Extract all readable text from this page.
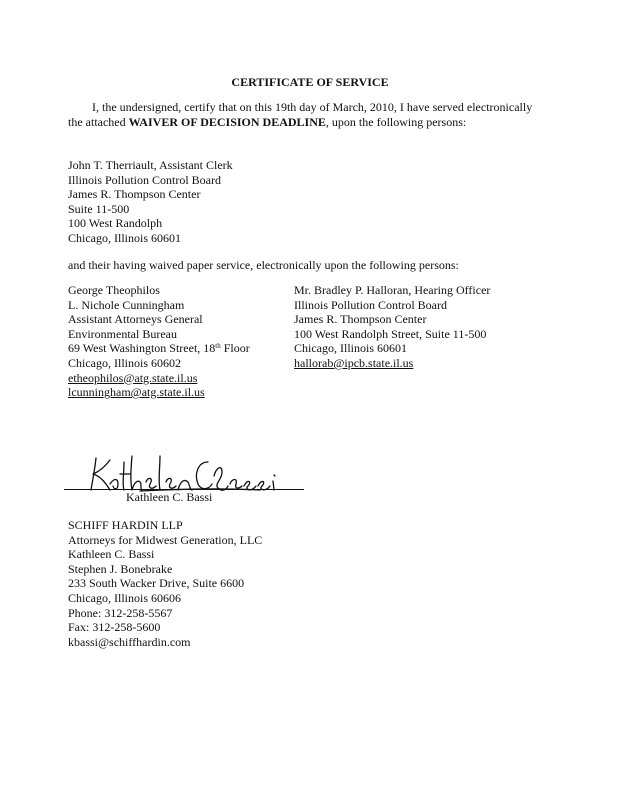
CERTIFICATE OF SERVICE
I, the undersigned, certify that on this 19th day of March, 2010, I have served electronically the attached WAIVER OF DECISION DEADLINE, upon the following persons:
John T. Therriault, Assistant Clerk
Illinois Pollution Control Board
James R. Thompson Center
Suite 11-500
100 West Randolph
Chicago, Illinois 60601
and their having waived paper service, electronically upon the following persons:
George Theophilos
L. Nichole Cunningham
Assistant Attorneys General
Environmental Bureau
69 West Washington Street, 18th Floor
Chicago, Illinois 60602
etheophilos@atg.state.il.us
lcunningham@atg.state.il.us
Mr. Bradley P. Halloran, Hearing Officer
Illinois Pollution Control Board
James R. Thompson Center
100 West Randolph Street, Suite 11-500
Chicago, Illinois 60601
hallorab@ipcb.state.il.us
Kathleen C. Bassi
SCHIFF HARDIN LLP
Attorneys for Midwest Generation, LLC
Kathleen C. Bassi
Stephen J. Bonebrake
233 South Wacker Drive, Suite 6600
Chicago, Illinois 60606
Phone: 312-258-5567
Fax: 312-258-5600
kbassi@schiffhardin.com
